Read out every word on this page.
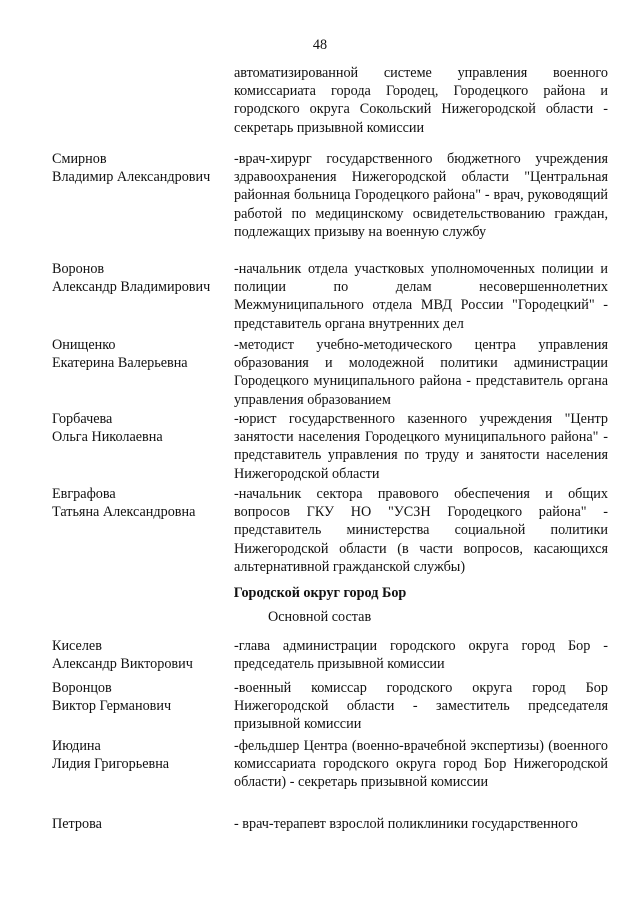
48
автоматизированной системе управления военного комиссариата города Городец, Городецкого района и городского округа Сокольский Нижегородской области - секретарь призывной комиссии
Смирнов
Владимир Александрович
-врач-хирург государственного бюджетного учреждения здравоохранения Нижегородской области "Центральная районная больница Городецкого района" - врач, руководящий работой по медицинскому освидетельствованию граждан, подлежащих призыву на военную службу
Воронов
Александр Владимирович
-начальник отдела участковых уполномоченных полиции и полиции по делам несовершеннолетних Межмуниципального отдела МВД России "Городецкий" - представитель органа внутренних дел
Онищенко
Екатерина Валерьевна
-методист учебно-методического центра управления образования и молодежной политики администрации Городецкого муниципального района - представитель органа управления образованием
Горбачева
Ольга Николаевна
-юрист государственного казенного учреждения "Центр занятости населения Городецкого муниципального района" - представитель управления по труду и занятости населения Нижегородской области
Евграфова
Татьяна Александровна
-начальник сектора правового обеспечения и общих вопросов ГКУ НО "УСЗН Городецкого района" - представитель министерства социальной политики Нижегородской области (в части вопросов, касающихся альтернативной гражданской службы)
Городской округ город Бор
Основной состав
Киселев
Александр Викторович
-глава администрации городского округа город Бор - председатель призывной комиссии
Воронцов
Виктор Германович
-военный комиссар городского округа город Бор Нижегородской области - заместитель председателя призывной комиссии
Июдина
Лидия Григорьевна
-фельдшер Центра (военно-врачебной экспертизы) (военного комиссариата городского округа город Бор Нижегородской области) - секретарь призывной комиссии
Петрова	- врач-терапевт взрослой поликлиники государственного
